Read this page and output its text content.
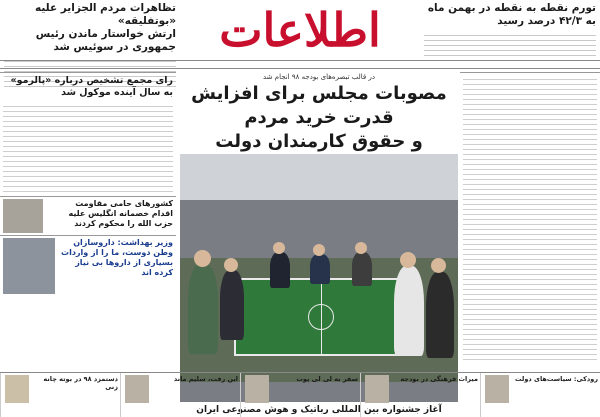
اطلاعات	تورم نقطه به نقطه در بهمن ماه
به ۴۲/۳ درصد رسید
تظاهرات مردم الجزایر علیه «بوتفلیقه»
ارتش خواستار ماندن رئیس جمهوری در سوئیس شد
در قالب تبصره‌های بودجه ۹۸ انجام شد
مصوبات مجلس برای افزایش قدرت خرید مردم
و حقوق کارمندان دولت
آغاز جشنواره بین المللی رباتیک و هوش مصنوعی ایران
رای مجمع تشخیص درباره «پالرمو»
به سال آینده موکول شد
کشورهای حامی مقاومت
اقدام خصمانه انگلیس علیه
حزب الله را محکوم کردند
وزیر بهداشت: داروسازان
وطن دوست، ما را از واردات
بسیاری از داروها بی نیاز
کرده اند
رودکی: سیاست‌های دولت
میراث فرهنگی در بودجه
سفر به لی لی پوت
این رفت، سلیم ماند
دستمزد ۹۸ در بوته چانه زنی
